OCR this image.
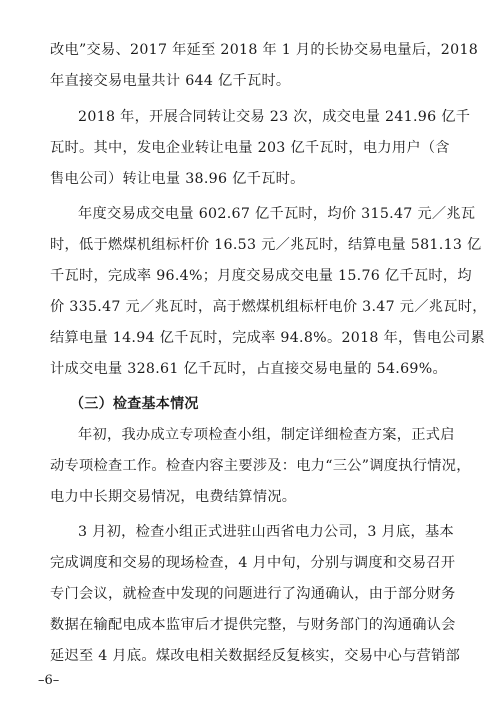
改电”交易、2017 年延至 2018 年 1 月的长协交易电量后，2018
年直接交易电量共计 644 亿千瓦时。
2018 年，开展合同转让交易 23 次，成交电量 241.96 亿千
瓦时。其中，发电企业转让电量 203 亿千瓦时，电力用户（含
售电公司）转让电量 38.96 亿千瓦时。
年度交易成交电量 602.67 亿千瓦时，均价 315.47 元／兆瓦
时，低于燃煤机组标杆价 16.53 元／兆瓦时，结算电量 581.13 亿
千瓦时，完成率 96.4%；月度交易成交电量 15.76 亿千瓦时，均
价 335.47 元／兆瓦时，高于燃煤机组标杆电价 3.47 元／兆瓦时，
结算电量 14.94 亿千瓦时，完成率 94.8%。2018 年，售电公司累
计成交电量 328.61 亿千瓦时，占直接交易电量的 54.69%。
（三）检查基本情况
年初，我办成立专项检查小组，制定详细检查方案，正式启
动专项检查工作。检查内容主要涉及：电力“三公”调度执行情况，
电力中长期交易情况，电费结算情况。
3 月初，检查小组正式进驻山西省电力公司，3 月底，基本
完成调度和交易的现场检查，4 月中旬，分别与调度和交易召开
专门会议，就检查中发现的问题进行了沟通确认，由于部分财务
数据在输配电成本监审后才提供完整，与财务部门的沟通确认会
延迟至 4 月底。煤改电相关数据经反复核实，交易中心与营销部
–6–
